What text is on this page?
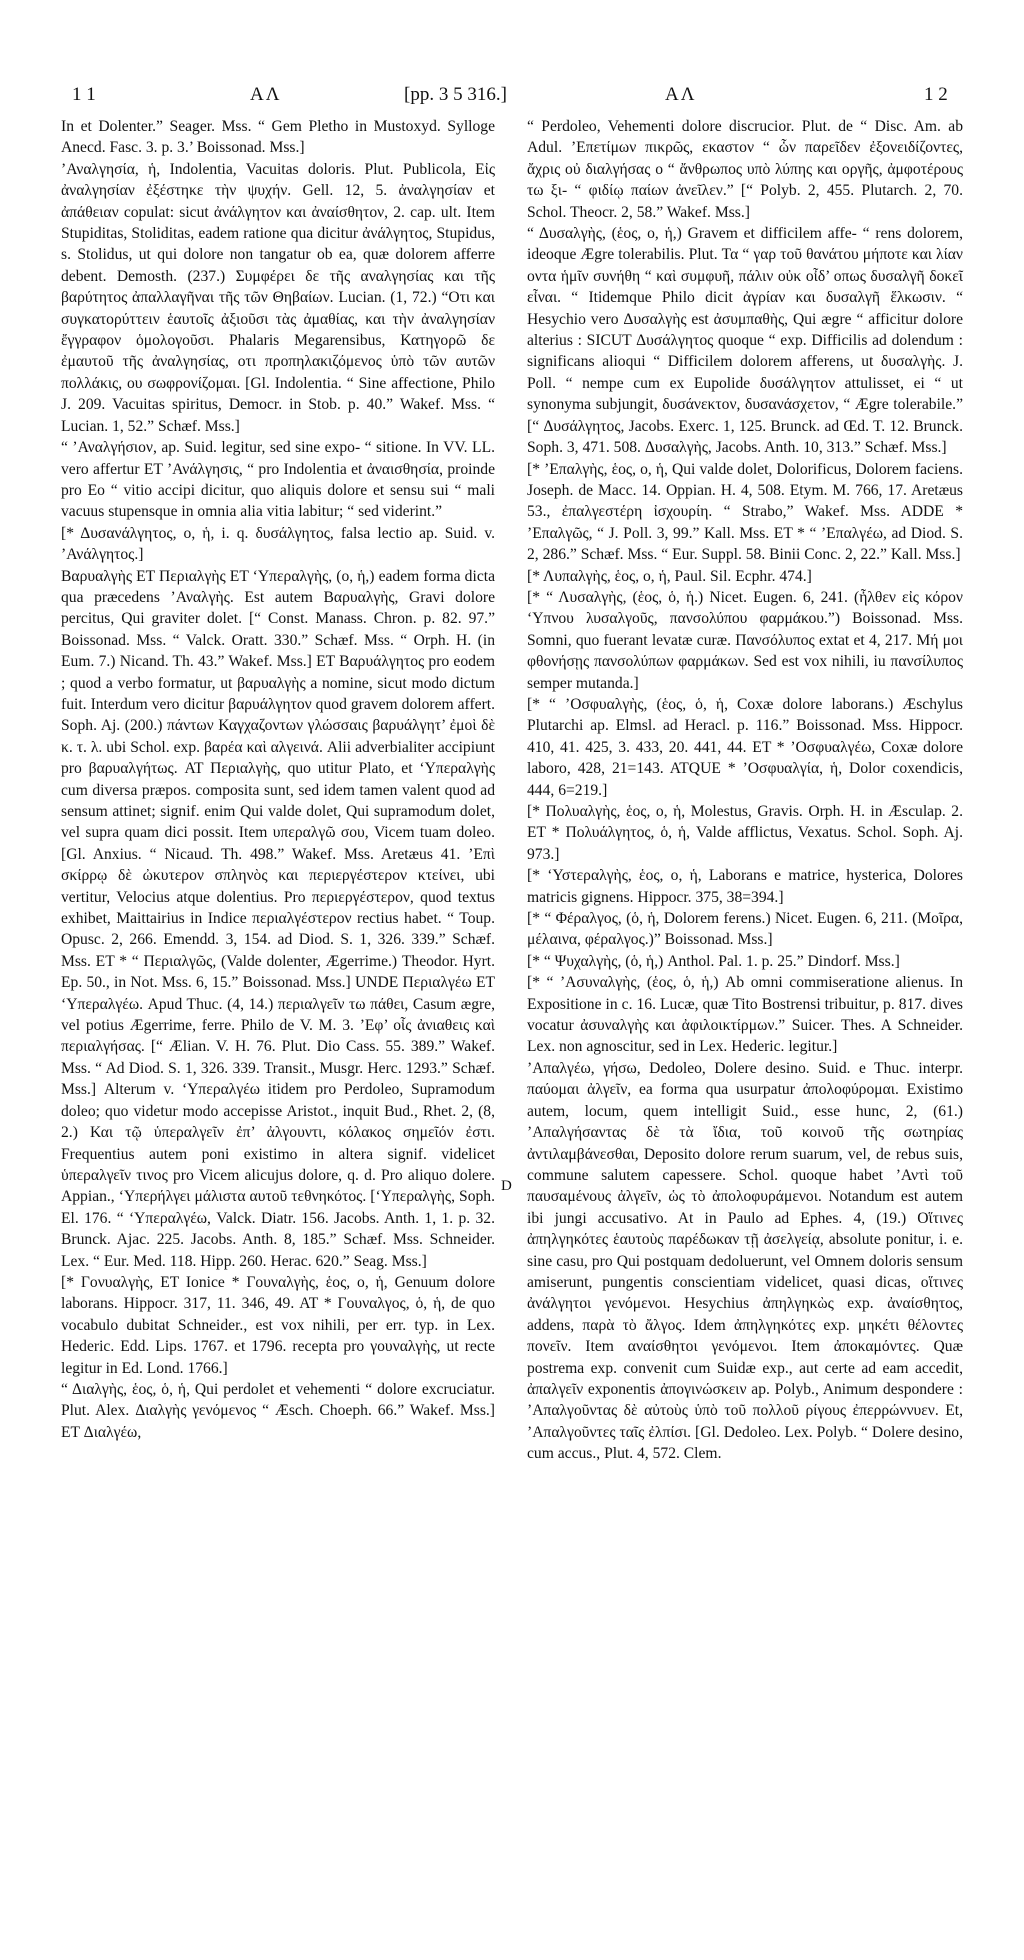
1 1	ΑΛ	[pp. 3 5 316.]	ΑΛ	1 2

In et Dolenter.” Seager. Mss. “ Gem Pletho in Mustoxyd. Sylloge Anecd. Fasc. 3. p. 3.’ Boissonad. Mss.]

’Αναλγησία, ἡ, Indolentia, Vacuitas doloris. Plut. Publicola, Εἰς ἀναλγησίαν ἐξέστηκε τὴν ψυχήν. Gell. 12, 5. ἀναλγησίαν et ἀπάθειαν copulat: sicut ἀνάλγητον και ἀναίσθητον, 2. cap. ult. Item Stupiditas, Stoliditas, eadem ratione qua dicitur ἀνάλγητος, Stupidus, s. Stolidus, ut qui dolore non tangatur ob ea, quæ dolorem afferre debent. Demosth. (237.) Συμφέρει δε τῆς αναλγησίας και τῆς βαρύτητος ἀπαλλαγῆναι τῆς τῶν Θηβαίων. Lucian. (1, 72.) “Οτι και συγκατορύττειν ἑαυτοῖς ἀξιοῦσι τὰς ἀμαθίας, και τὴν ἀναλγησίαν ἔγγραφον ὁμολογοῦσι. Phalaris Megarensibus, Κατηγορῶ δε ἐμαυτοῦ τῆς ἀναλγησίας, οτι προπηλακιζόμενος ὑπὸ τῶν αυτῶν πολλάκις, ου σωφρονίζομαι. [Gl. Indolentia. “ Sine affectione, Philo J. 209. Vacuitas spiritus, Democr. in Stob. p. 40.” Wakef. Mss. “ Lucian. 1, 52.” Schæf. Mss.]

“ ’Αναλγήσιον, ap. Suid. legitur, sed sine expo- “ sitione. In VV. LL. vero affertur ET ’Ανάλγησις, “ pro Indolentia et ἀναισθησία, proinde pro Eo “ vitio accipi dicitur, quo aliquis dolore et sensu sui “ mali vacuus stupensque in omnia alia vitia labitur; “ sed viderint.”

[* Δυσανάλγητος, ο, ἡ, i. q. δυσάλγητος, falsa lectio ap. Suid. v. ’Ανάλγητος.]

Βαρυαλγὴς ET Περιαλγὴς ET ‘Υπεραλγὴς, (ο, ἡ,) eadem forma dicta qua præcedens ’Αναλγὴς. Est autem Βαρυαλγὴς, Gravi dolore percitus, Qui graviter dolet. [“ Const. Manass. Chron. p. 82. 97.” Boissonad. Mss. “ Valck. Oratt. 330.” Schæf. Mss. “ Orph. H. (in Eum. 7.) Nicand. Th. 43.” Wakef. Mss.] ET Βαρυάλγητος pro eodem ; quod a verbo formatur, ut βαρυαλγὴς a nomine, sicut modo dictum fuit. Interdum vero dicitur βαρυάλγητον quod gravem dolorem affert. Soph. Aj. (200.) πάντων Καγχαζοντων γλώσσαις βαρυάλγητ’ ἐμοὶ δὲ κ. τ. λ. ubi Schol. exp. βαρέα καὶ αλγεινά. Alii adverbialiter accipiunt pro βαρυαλγήτως. AT Περιαλγὴς, quo utitur Plato, et ‘Υπεραλγὴς cum diversa præpos. composita sunt, sed idem tamen valent quod ad sensum attinet; signif. enim Qui valde dolet, Qui supramodum dolet, vel supra quam dici possit. Item υπεραλγῶ σου, Vicem tuam doleo. [Gl. Anxius. “ Nicaud. Th. 498.” Wakef. Mss. Aretæus 41. ’Επὶ σκίρρῳ δὲ ὠκυτερον σπληνὸς και περιεργέστερον κτείνει, ubi vertitur, Velocius atque dolentius. Pro περιεργέστερον, quod textus exhibet, Maittairius in Indice περιαλγέστερον rectius habet. “ Toup. Opusc. 2, 266. Emendd. 3, 154. ad Diod. S. 1, 326. 339.” Schæf. Mss. ET * “ Περιαλγῶς, (Valde dolenter, Ægerrime.) Theodor. Hyrt. Ep. 50., in Not. Mss. 6, 15.” Boissonad. Mss.] UNDE Περιαλγέω ET ‘Υπεραλγέω. Apud Thuc. (4, 14.) περιαλγεῖν τω πάθει, Casum ægre, vel potius Ægerrime, ferre. Philo de V. M. 3. ’Εφ’ οἷς ἀνιαθεις καὶ περιαλγήσας. [“ Ælian. V. H. 76. Plut. Dio Cass. 55. 389.” Wakef. Mss. “ Ad Diod. S. 1, 326. 339. Transit., Musgr. Herc. 1293.” Schæf. Mss.] Alterum v. ‘Υπεραλγέω itidem pro Perdoleo, Supramodum doleo; quo videtur modo accepisse Aristot., inquit Bud., Rhet. 2, (8, 2.) Και τῷ ὑπεραλγεῖν ἐπ’ ἀλγουντι, κόλακος σημεῖόν ἐστι. Frequentius autem poni existimo in altera signif. videlicet ὑπεραλγεῖν τινος pro Vicem alicujus dolore, q. d. Pro aliquo dolere. Appian., ‘Υπερήλγει μάλιστα αυτοῦ τεθνηκότος. [‘Υπεραλγὴς, Soph. El. 176. “ ‘Υπεραλγέω, Valck. Diatr. 156. Jacobs. Anth. 1, 1. p. 32. Brunck. Ajac. 225. Jacobs. Anth. 8, 185.” Schæf. Mss. Schneider. Lex. “ Eur. Med. 118. Hipp. 260. Herac. 620.” Seag. Mss.]

[* Γονυαλγὴς, ET Ionice * Γουναλγὴς, ἑος, ο, ἡ, Genuum dolore laborans. Hippocr. 317, 11. 346, 49. AT * Γουναλγος, ὁ, ἡ, de quo vocabulo dubitat Schneider., est vox nihili, per err. typ. in Lex. Hederic. Edd. Lips. 1767. et 1796. recepta pro γουναλγὴς, ut recte legitur in Ed. Lond. 1766.]

“ Διαλγὴς, ἑος, ὁ, ἡ, Qui perdolet et vehementi “ dolore excruciatur. Plut. Alex. Διαλγὴς γενόμενος “ Æsch. Choeph. 66.” Wakef. Mss.] ET Διαλγέω,

D

“ Perdoleo, Vehementi dolore discrucior. Plut. de “ Disc. Am. ab Adul. ’Επετίμων πικρῶς, εκαστον “ ὧν παρεῖδεν ἐξονειδίζοντες, ἄχρις οὐ διαλγήσας ο “ ἄνθρωπος υπὸ λύπης και οργῆς, ἀμφοτέρους τω ξι- “ φιδίῳ παίων ἀνεῖλεν.” [“ Polyb. 2, 455. Plutarch. 2, 70. Schol. Theocr. 2, 58.” Wakef. Mss.]

“ Δυσαλγὴς, (ἑος, ο, ἡ,) Gravem et difficilem affe- “ rens dolorem, ideoque Ægre tolerabilis. Plut. Τα “ γαρ τοῦ θανάτου μήποτε και λίαν οντα ἡμῖν συνήθη “ καὶ συμφυῆ, πάλιν οὐκ οἶδ’ οπως δυσαλγῆ δοκεῖ εἶναι. “ Itidemque Philo dicit ἀγρίαν και δυσαλγῆ ἕλκωσιν. “ Hesychio vero Δυσαλγὴς est ἀσυμπαθὴς, Qui ægre “ afficitur dolore alterius : SICUT Δυσάλγητος quoque “ exp. Difficilis ad dolendum : significans alioqui “ Difficilem dolorem afferens, ut δυσαλγὴς. J. Poll. “ nempe cum ex Eupolide δυσάλγητον attulisset, ei “ ut synonyma subjungit, δυσάνεκτον, δυσανάσχετον, “ Ægre tolerabile.” [“ Δυσάλγητος, Jacobs. Exerc. 1, 125. Brunck. ad Œd. T. 12. Brunck. Soph. 3, 471. 508. Δυσαλγὴς, Jacobs. Anth. 10, 313.” Schæf. Mss.]

[* ’Επαλγὴς, ἑος, ο, ἡ, Qui valde dolet, Dolorificus, Dolorem faciens. Joseph. de Macc. 14. Oppian. H. 4, 508. Etym. M. 766, 17. Aretæus 53., ἐπαλγεστέρη ἰσχουρίη. “ Strabo,” Wakef. Mss. ADDE * ’Επαλγῶς, “ J. Poll. 3, 99.” Kall. Mss. ET * “ ’Επαλγέω, ad Diod. S. 2, 286.” Schæf. Mss. “ Eur. Suppl. 58. Binii Conc. 2, 22.” Kall. Mss.]

[* Λυπαλγὴς, ἑος, ο, ἡ, Paul. Sil. Ecphr. 474.]

[* “ Λυσαλγὴς, (ἑος, ὁ, ἡ.) Nicet. Eugen. 6, 241. (ἦλθεν εἰς κόρον ‘Υπνου λυσαλγοῦς, πανσολύπου φαρμάκου.”) Boissonad. Mss. Somni, quo fuerant levatæ curæ. Πανσόλυπος extat et 4, 217. Μή μοι φθονήσῃς πανσολύπων φαρμάκων. Sed est vox nihili, iu πανσίλυπος semper mutanda.]

[* “ ’Οσφυαλγὴς, (ἑος, ὁ, ἡ, Coxæ dolore laborans.) Æschylus Plutarchi ap. Elmsl. ad Heracl. p. 116.” Boissonad. Mss. Hippocr. 410, 41. 425, 3. 433, 20. 441, 44. ET * ’Οσφυαλγέω, Coxæ dolore laboro, 428, 21=143. ATQUE * ’Οσφυαλγία, ἡ, Dolor coxendicis, 444, 6=219.]

[* Πολυαλγὴς, ἑος, ο, ἡ, Molestus, Gravis. Orph. H. in Æsculap. 2. ET * Πολυάλγητος, ὁ, ἡ, Valde afflictus, Vexatus. Schol. Soph. Aj. 973.]

[* ‘Υστεραλγὴς, ἑος, ο, ἡ, Laborans e matrice, hysterica, Dolores matricis gignens. Hippocr. 375, 38=394.]

[* “ Φέραλγος, (ὁ, ἡ, Dolorem ferens.) Nicet. Eugen. 6, 211. (Μοῖρα, μέλαινα, φέραλγος.)” Boissonad. Mss.]

[* “ Ψυχαλγὴς, (ὁ, ἡ,) Anthol. Pal. 1. p. 25.” Dindorf. Mss.]

[* “ ’Ασυναλγὴς, (ἑος, ὁ, ἡ,) Ab omni commiseratione alienus. In Expositione in c. 16. Lucæ, quæ Tito Bostrensi tribuitur, p. 817. dives vocatur ἀσυναλγὴς και ἀφιλοικτίρμων.” Suicer. Thes. A Schneider. Lex. non agnoscitur, sed in Lex. Hederic. legitur.]

’Απαλγέω, γήσω, Dedoleo, Dolere desino. Suid. e Thuc. interpr. παύομαι ἀλγεῖν, ea forma qua usurpatur ἀπολοφύρομαι. Existimo autem, locum, quem intelligit Suid., esse hunc, 2, (61.) ’Απαλγήσαντας δὲ τὰ ἴδια, τοῦ κοινοῦ τῆς σωτηρίας ἀντιλαμβάνεσθαι, Deposito dolore rerum suarum, vel, de rebus suis, commune salutem capessere. Schol. quoque habet ’Αντὶ τοῦ παυσαμένους ἀλγεῖν, ὡς τὸ ἀπολοφυράμενοι. Notandum est autem ibi jungi accusativo. At in Paulo ad Ephes. 4, (19.) Οἵτινες ἀπηλγηκότες ἑαυτοὺς παρέδωκαν τῇ ἀσελγείᾳ, absolute ponitur, i. e. sine casu, pro Qui postquam dedoluerunt, vel Omnem doloris sensum amiserunt, pungentis conscientiam videlicet, quasi dicas, οἵτινες ἀνάλγητοι γενόμενοι. Hesychius ἀπηλγηκὼς exp. ἀναίσθητος, addens, παρὰ τὸ ἄλγος. Idem ἀπηλγηκότες exp. μηκέτι θέλοντες πονεῖν. Item αναίσθητοι γενόμενοι. Item ἀποκαμόντες. Quæ postrema exp. convenit cum Suidæ exp., aut certe ad eam accedit, ἀπαλγεῖν exponentis ἀπογινώσκειν ap. Polyb., Animum despondere : ’Απαλγοῦντας δὲ αὐτοὺς ὑπὸ τοῦ πολλοῦ ρίγους ἐπερρώννυεν. Et, ’Απαλγοῦντες ταῖς ἐλπίσι. [Gl. Dedoleo. Lex. Polyb. “ Dolere desino, cum accus., Plut. 4, 572. Clem.
